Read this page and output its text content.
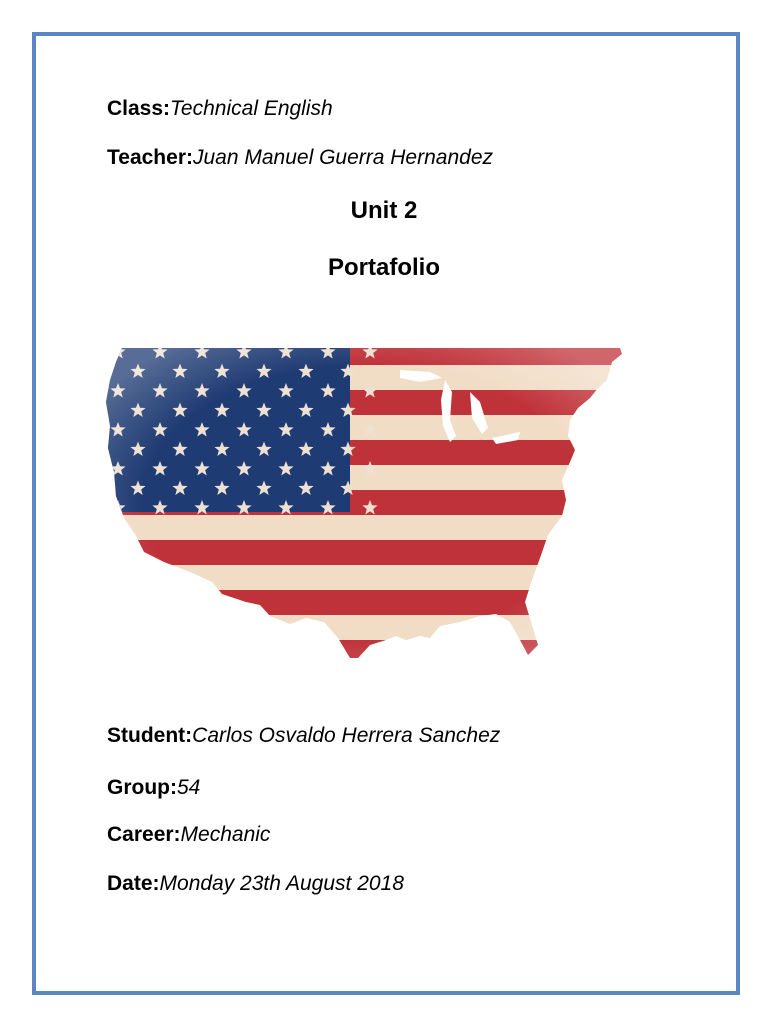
Class:Technical English
Teacher:Juan Manuel Guerra Hernandez
Unit 2
Portafolio
Student:Carlos Osvaldo Herrera Sanchez
Group:54
Career:Mechanic
Date:Monday 23th August 2018
